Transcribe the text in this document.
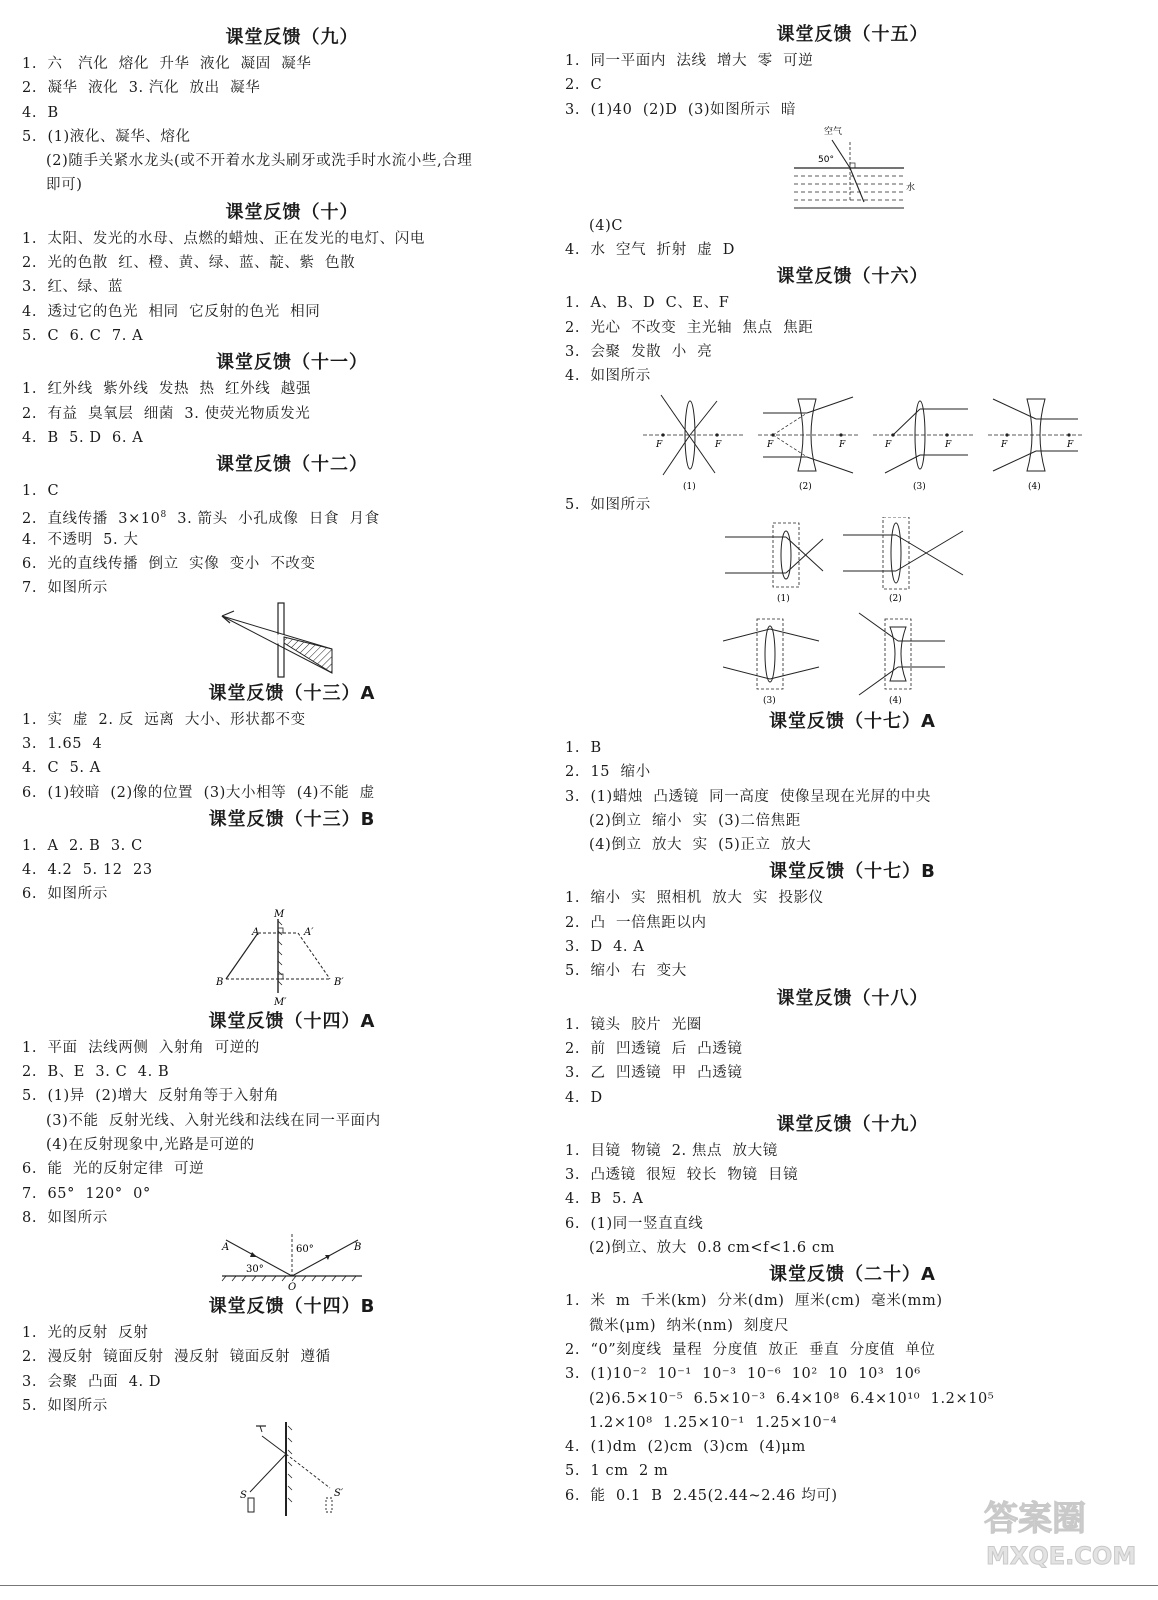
课堂反馈（九）
1.  六   汽化  熔化  升华  液化  凝固  凝华
2.  凝华  液化  3. 汽化  放出  凝华
4.  B
5.  (1)液化、凝华、熔化
(2)随手关紧水龙头(或不开着水龙头刷牙或洗手时水流小些,合理
即可)
课堂反馈（十）
1.  太阳、发光的水母、点燃的蜡烛、正在发光的电灯、闪电
2.  光的色散  红、橙、黄、绿、蓝、靛、紫  色散
3.  红、绿、蓝
4.  透过它的色光  相同  它反射的色光  相同
5.  C  6. C  7. A
课堂反馈（十一）
1.  红外线  紫外线  发热  热  红外线  越强
2.  有益  臭氧层  细菌  3. 使荧光物质发光
4.  B  5. D  6. A
课堂反馈（十二）
1.  C
2.  直线传播  $3\times 10^8$  3. 箭头  小孔成像  日食  月食
4.  不透明  5. 大
6.  光的直线传播  倒立  实像  变小  不改变
7.  如图所示
课堂反馈（十三）A
1.  实  虚  2. 反  远离  大小、形状都不变
3.  1.65  4
4.  C  5. A
6.  (1)较暗  (2)像的位置  (3)大小相等  (4)不能  虚
课堂反馈（十三）B
1.  A  2. B  3. C
4.  4.2  5. 12  23
6.  如图所示
M
M′
A	A′
B	B′
课堂反馈（十四）A
1.  平面  法线两侧  入射角  可逆的
2.  B、E  3. C  4. B
5.  (1)异  (2)增大  反射角等于入射角
(3)不能  反射光线、入射光线和法线在同一平面内
(4)在反射现象中,光路是可逆的
6.  能  光的反射定律  可逆
7.  65°  120°  0°
8.  如图所示
A	B
O
30°
60°
课堂反馈（十四）B
1.  光的反射  反射
2.  漫反射  镜面反射  漫反射  镜面反射  遵循
3.  会聚  凸面  4. D
5.  如图所示
S	S′
课堂反馈（十五）
1.  同一平面内  法线  增大  零  可逆
2.  C
3.  (1)40  (2)D  (3)如图所示  暗
空气
50°
水
(4)C
4.  水  空气  折射  虚  D
课堂反馈（十六）
1.  A、B、D  C、E、F
2.  光心  不改变  主光轴  焦点  焦距
3.  会聚  发散  小  亮
4.  如图所示
F	F
(1)
F	F
(2)
F	F
(3)
F	F
(4)
5.  如图所示
(1)	(2)
(3)	(4)
课堂反馈（十七）A
1.  B
2.  15  缩小
3.  (1)蜡烛  凸透镜  同一高度  使像呈现在光屏的中央
(2)倒立  缩小  实  (3)二倍焦距
(4)倒立  放大  实  (5)正立  放大
课堂反馈（十七）B
1.  缩小  实  照相机  放大  实  投影仪
2.  凸  一倍焦距以内
3.  D  4. A
5.  缩小  右  变大
课堂反馈（十八）
1.  镜头  胶片  光圈
2.  前  凹透镜  后  凸透镜
3.  乙  凹透镜  甲  凸透镜
4.  D
课堂反馈（十九）
1.  目镜  物镜  2. 焦点  放大镜
3.  凸透镜  很短  较长  物镜  目镜
4.  B  5. A
6.  (1)同一竖直直线
(2)倒立、放大  0.8 cm<f<1.6 cm
课堂反馈（二十）A
1.  米  m  千米(km)  分米(dm)  厘米(cm)  毫米(mm)
微米(μm)  纳米(nm)  刻度尺
2.  “0”刻度线  量程  分度值  放正  垂直  分度值  单位
3.  (1)10⁻²  10⁻¹  10⁻³  10⁻⁶  10²  10  10³  10⁶
(2)6.5×10⁻⁵  6.5×10⁻³  6.4×10⁸  6.4×10¹⁰  1.2×10⁵
1.2×10⁸  1.25×10⁻¹  1.25×10⁻⁴
4.  (1)dm  (2)cm  (3)cm  (4)μm
5.  1 cm  2 m
6.  能  0.1  B  2.45(2.44~2.46 均可)
答案圈
MXQE.COM
